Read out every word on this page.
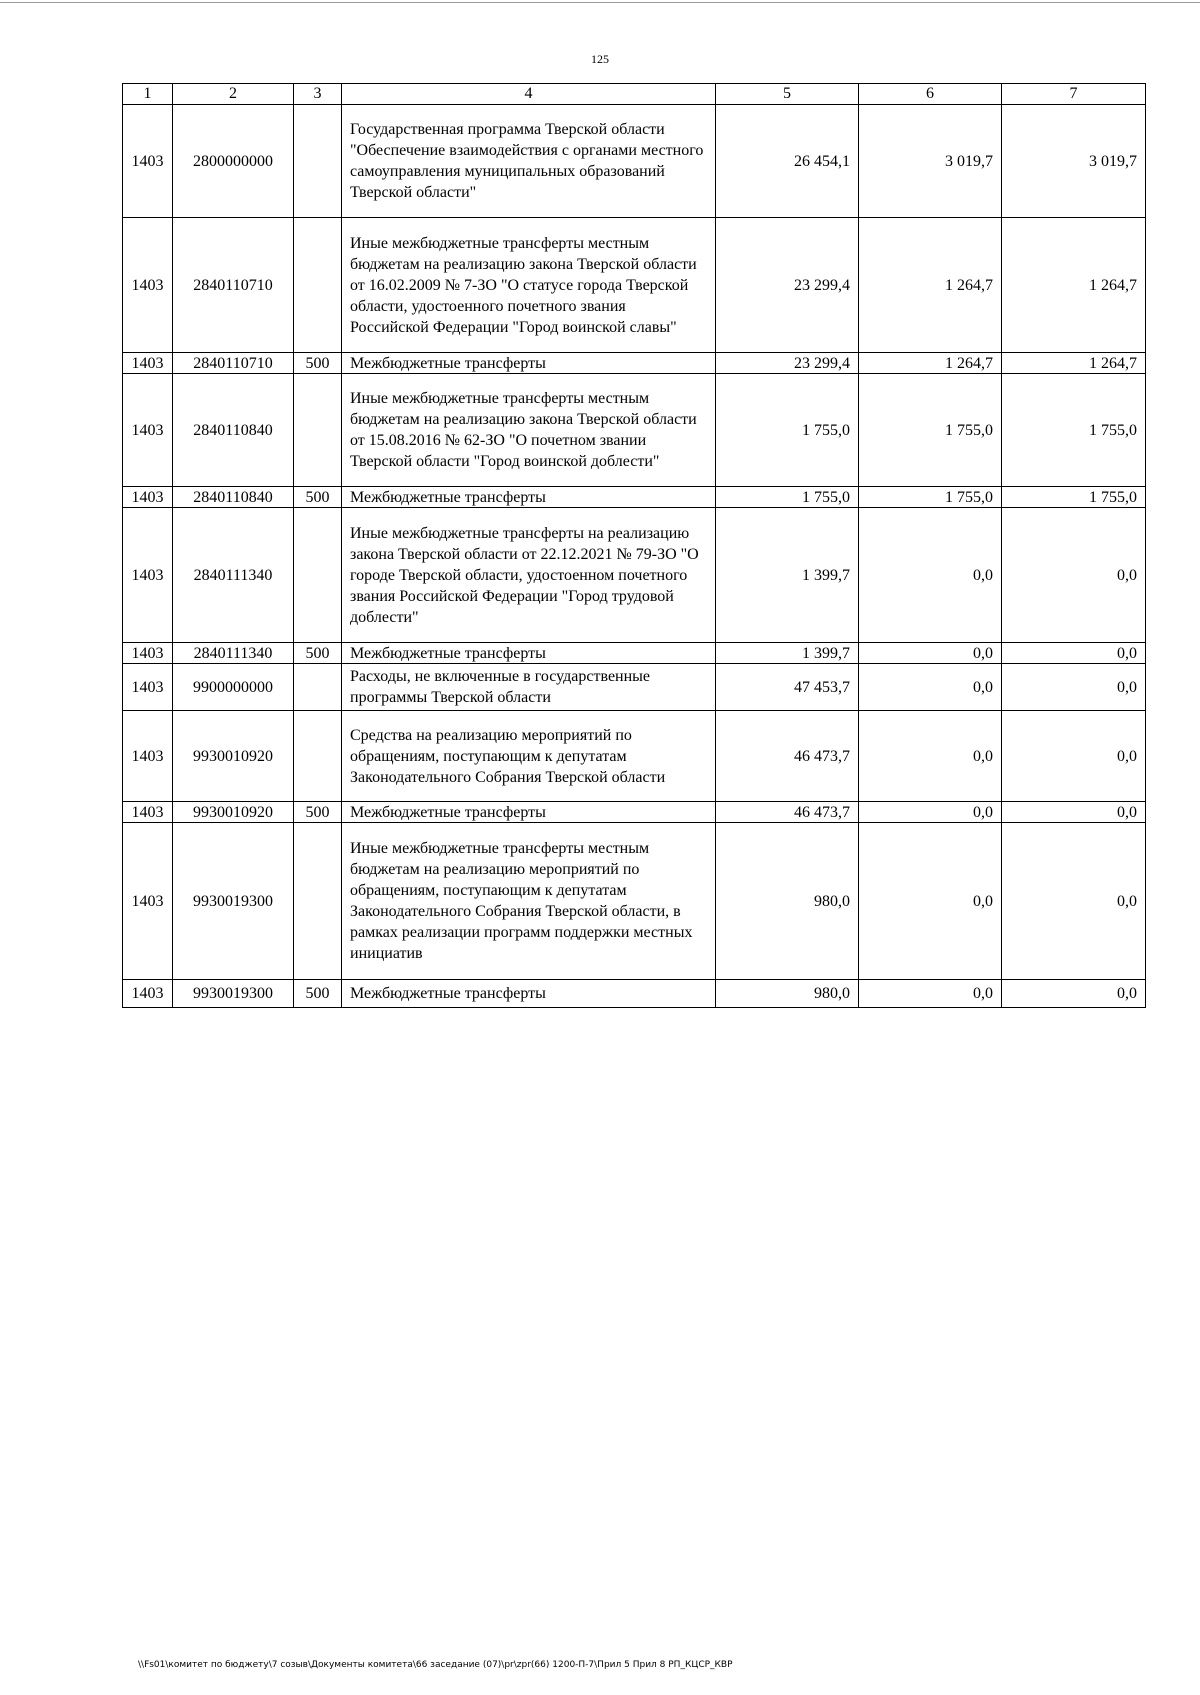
125
1	2	3	4	5	6	7
1403	2800000000		Государственная программа Тверской области "Обеспечение взаимодействия с органами местного самоуправления муниципальных образований Тверской области"	26 454,1	3 019,7	3 019,7
1403	2840110710		Иные межбюджетные трансферты местным бюджетам на реализацию закона Тверской области от 16.02.2009 № 7-ЗО "О статусе города Тверской области, удостоенного почетного звания Российской Федерации "Город воинской славы"	23 299,4	1 264,7	1 264,7
1403	2840110710	500	Межбюджетные трансферты	23 299,4	1 264,7	1 264,7
1403	2840110840		Иные межбюджетные трансферты местным бюджетам на реализацию закона Тверской области от 15.08.2016 № 62-ЗО "О почетном звании Тверской области "Город воинской доблести"	1 755,0	1 755,0	1 755,0
1403	2840110840	500	Межбюджетные трансферты	1 755,0	1 755,0	1 755,0
1403	2840111340		Иные межбюджетные трансферты на реализацию закона Тверской области от 22.12.2021 № 79-ЗО "О городе Тверской области, удостоенном почетного звания Российской Федерации "Город трудовой доблести"	1 399,7	0,0	0,0
1403	2840111340	500	Межбюджетные трансферты	1 399,7	0,0	0,0
1403	9900000000		Расходы, не включенные в государственные программы Тверской области	47 453,7	0,0	0,0
1403	9930010920		Средства на реализацию мероприятий по обращениям, поступающим к депутатам Законодательного Собрания Тверской области	46 473,7	0,0	0,0
1403	9930010920	500	Межбюджетные трансферты	46 473,7	0,0	0,0
1403	9930019300		Иные межбюджетные трансферты местным бюджетам на реализацию мероприятий по обращениям, поступающим к депутатам Законодательного Собрания Тверской области, в рамках реализации программ поддержки местных инициатив	980,0	0,0	0,0
1403	9930019300	500	Межбюджетные трансферты	980,0	0,0	0,0
\\Fs01\комитет по бюджету\7 созыв\Документы комитета\66 заседание (07)\pr\zpr(66) 1200-П-7\Прил 5 Прил 8 РП_КЦСР_КВР
